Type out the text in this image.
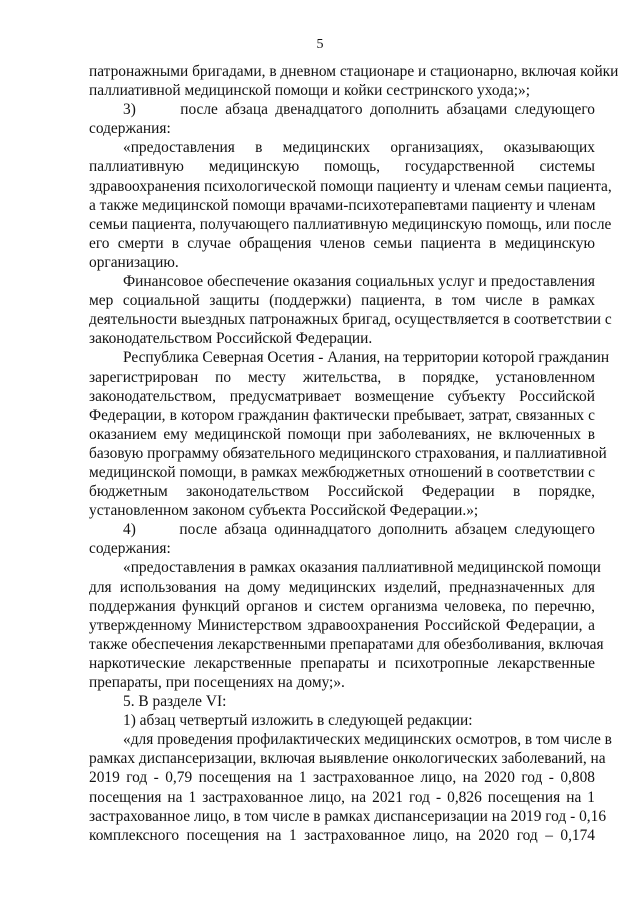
5
патронажными бригадами, в дневном стационаре и стационарно, включая койки
паллиативной медицинской помощи и койки сестринского ухода;»;
3)      после абзаца двенадцатого дополнить абзацами следующего
содержания:
«предоставления в медицинских организациях, оказывающих
паллиативную медицинскую помощь, государственной системы
здравоохранения психологической помощи пациенту и членам семьи пациента,
а также медицинской помощи врачами-психотерапевтами пациенту и членам
семьи пациента, получающего паллиативную медицинскую помощь, или после
его смерти в случае обращения членов семьи пациента в медицинскую
организацию.
Финансовое обеспечение оказания социальных услуг и предоставления
мер социальной защиты (поддержки) пациента, в том числе в рамках
деятельности выездных патронажных бригад, осуществляется в соответствии с
законодательством Российской Федерации.
Республика Северная Осетия - Алания, на территории которой гражданин
зарегистрирован по месту жительства, в порядке, установленном
законодательством, предусматривает возмещение субъекту Российской
Федерации, в котором гражданин фактически пребывает, затрат, связанных с
оказанием ему медицинской помощи при заболеваниях, не включенных в
базовую программу обязательного медицинского страхования, и паллиативной
медицинской помощи, в рамках межбюджетных отношений в соответствии с
бюджетным законодательством Российской Федерации в порядке,
установленном законом субъекта Российской Федерации.»;
4)      после абзаца одиннадцатого дополнить абзацем следующего
содержания:
«предоставления в рамках оказания паллиативной медицинской помощи
для использования на дому медицинских изделий, предназначенных для
поддержания функций органов и систем организма человека, по перечню,
утвержденному Министерством здравоохранения Российской Федерации, а
также обеспечения лекарственными препаратами для обезболивания, включая
наркотические лекарственные препараты и психотропные лекарственные
препараты, при посещениях на дому;».
5. В разделе VI:
1) абзац четвертый изложить в следующей редакции:
«для проведения профилактических медицинских осмотров, в том числе в
рамках диспансеризации, включая выявление онкологических заболеваний, на
2019 год - 0,79 посещения на 1 застрахованное лицо, на 2020 год - 0,808
посещения на 1 застрахованное лицо, на 2021 год - 0,826 посещения на 1
застрахованное лицо, в том числе в рамках диспансеризации на 2019 год - 0,16
комплексного посещения на 1 застрахованное лицо, на 2020 год – 0,174
